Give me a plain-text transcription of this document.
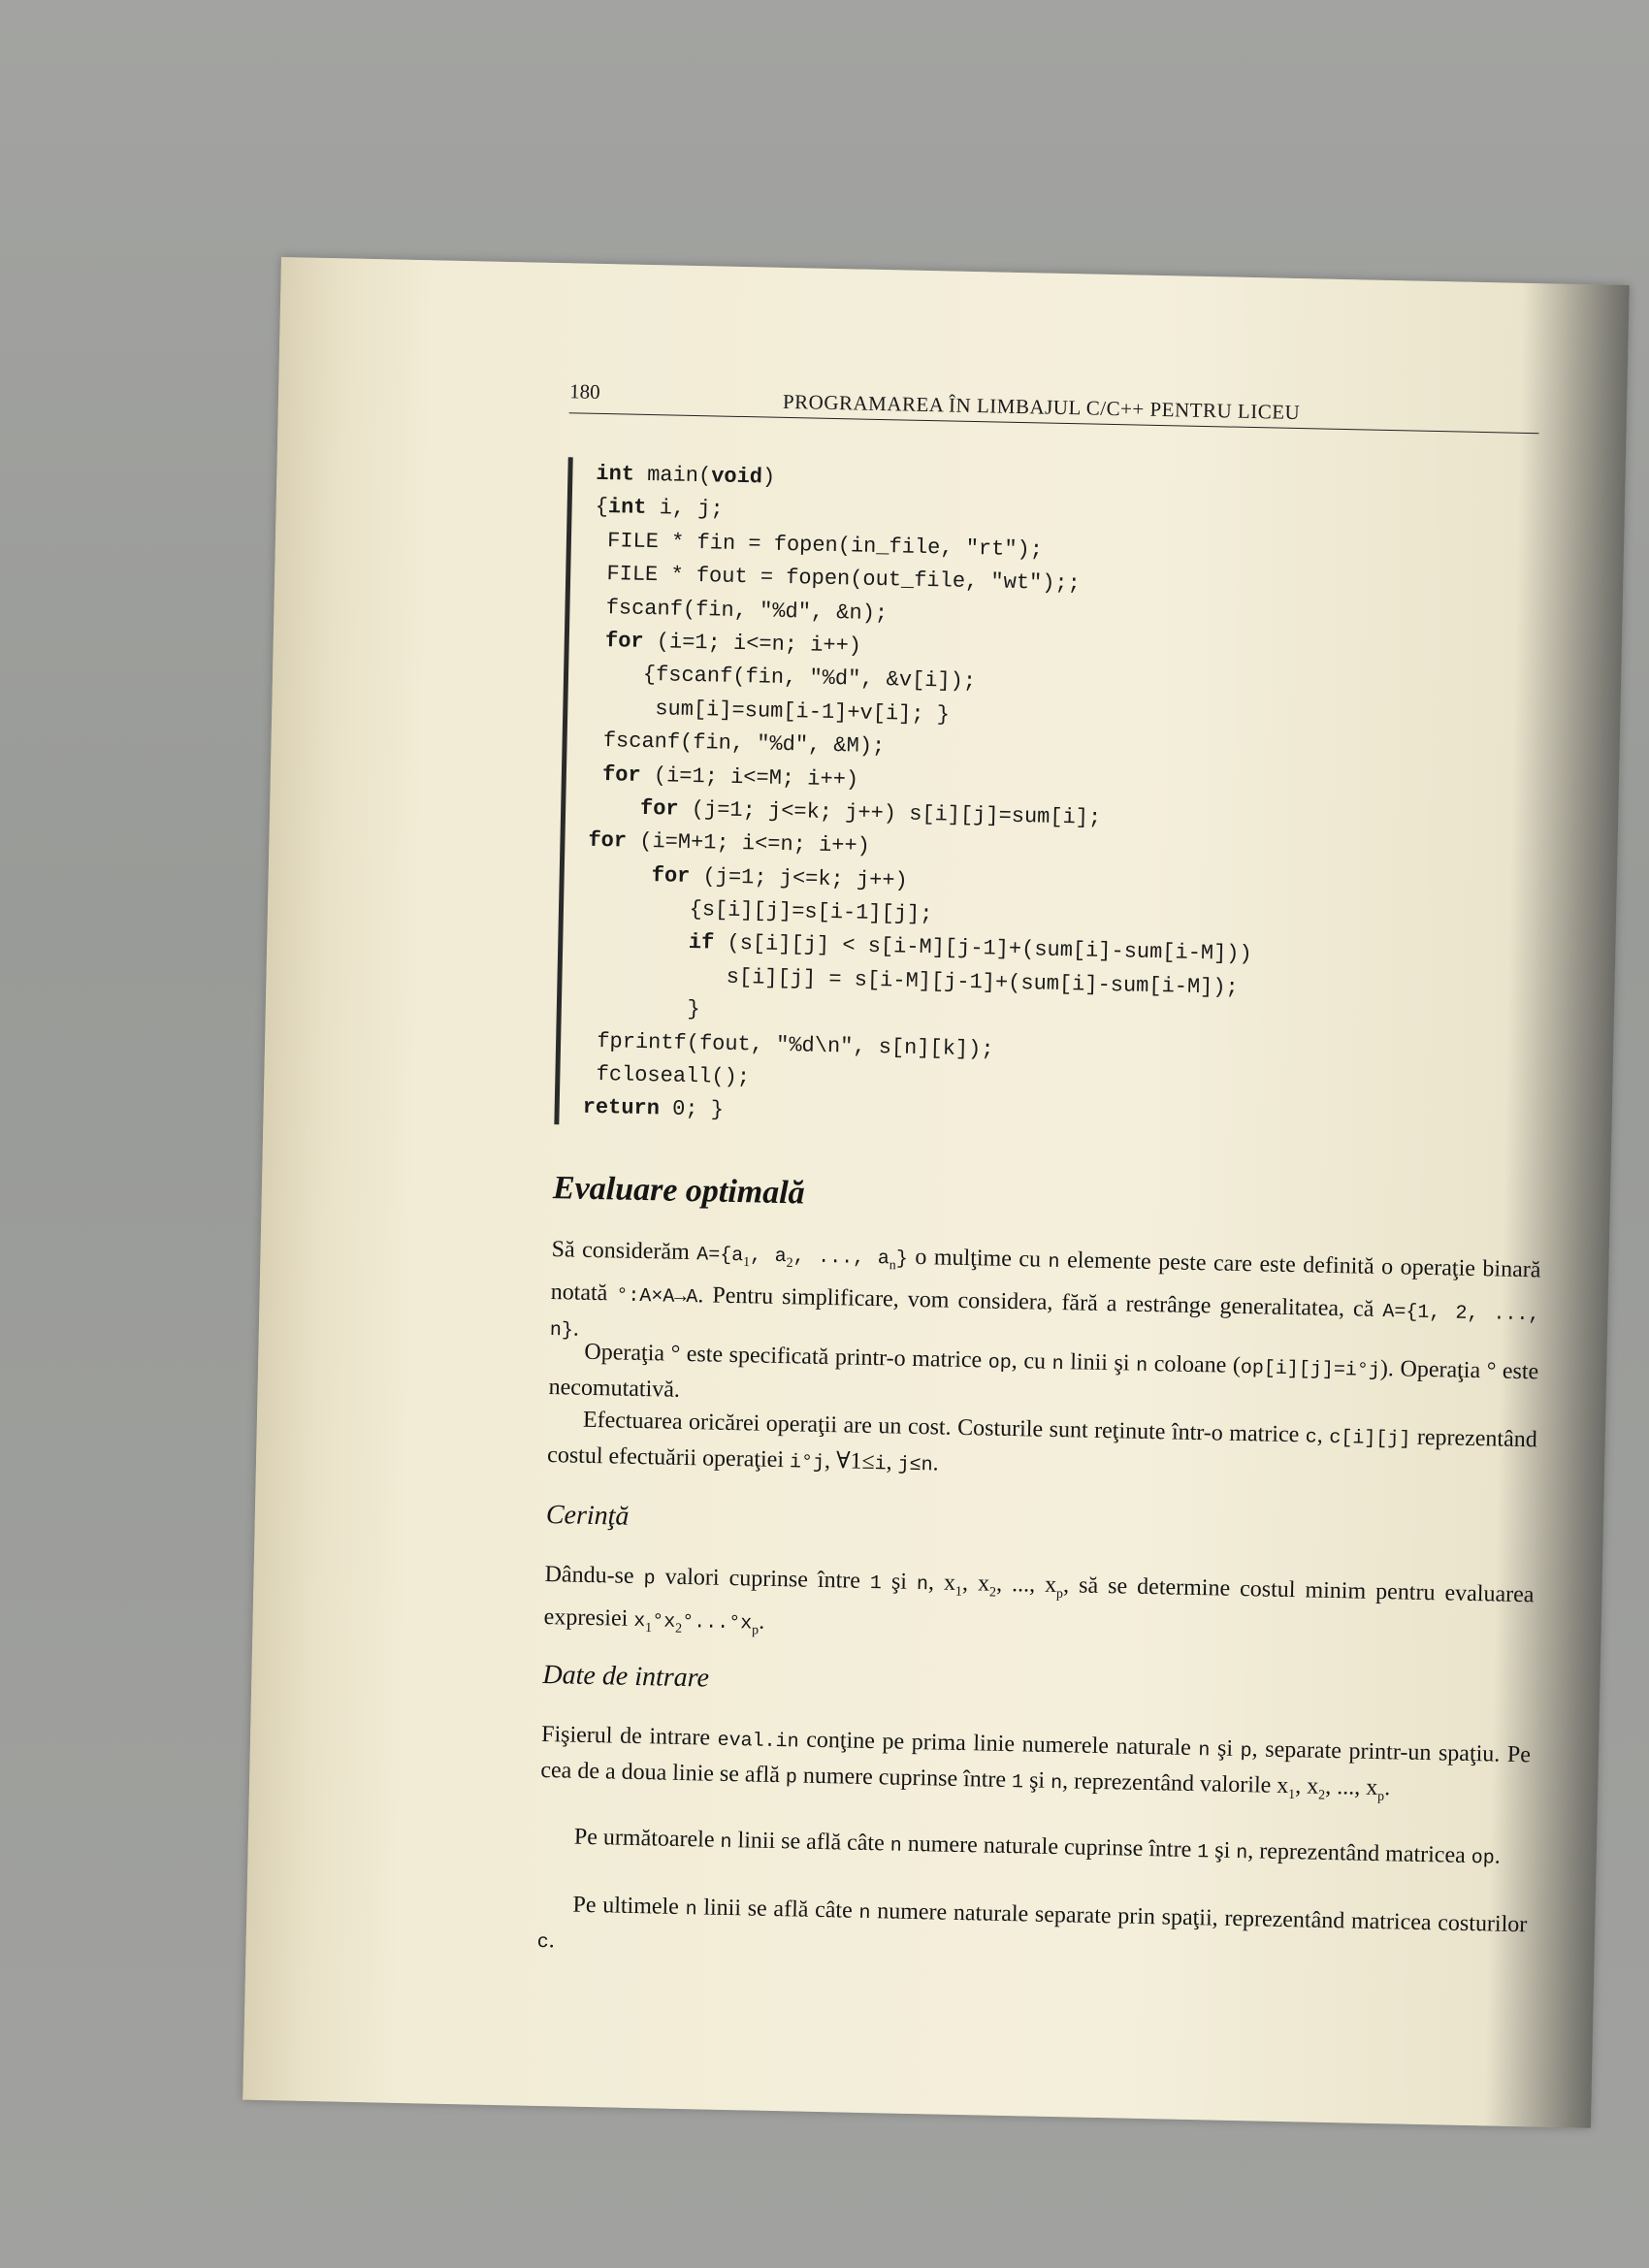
180	PROGRAMAREA ÎN LIMBAJUL C/C++ PENTRU LICEU
int main(void)
{int i, j;
FILE * fin = fopen(in_file, "rt");
FILE * fout = fopen(out_file, "wt");;
fscanf(fin, "%d", &n);
for (i=1; i<=n; i++)
{fscanf(fin, "%d", &v[i]);
sum[i]=sum[i-1]+v[i]; }
fscanf(fin, "%d", &M);
for (i=1; i<=M; i++)
for (j=1; j<=k; j++) s[i][j]=sum[i];
for (i=M+1; i<=n; i++)
for (j=1; j<=k; j++)
{s[i][j]=s[i-1][j];
if (s[i][j] < s[i-M][j-1]+(sum[i]-sum[i-M]))
s[i][j] = s[i-M][j-1]+(sum[i]-sum[i-M]);
}
fprintf(fout, "%d\n", s[n][k]);
fcloseall();
return 0; }
Evaluare optimală
Să considerăm $A=\{a_1$, $a_2$, ..., $a_n$} o mulţime cu n elemente peste care este definită o operaţie binară notată °:A×A→A. Pentru simplificare, vom considera, fără a restrânge generalitatea, că A={1, 2, ..., n}.
Operaţia ° este specificată printr-o matrice op, cu n linii şi n coloane (op[i][j]=i°j). Operaţia ° este necomutativă.
Efectuarea oricărei operaţii are un cost. Costurile sunt reţinute într-o matrice c, c[i][j] reprezentând costul efectuării operaţiei i°j, ∀1≤i, j≤n.
Cerinţă
Dându-se p valori cuprinse între 1 şi n, $x_1$, $x_2$, ..., $x_p$, să se determine costul minim pentru evaluarea expresiei $x_1^\circ x_2^\circ...^\circ x_p$.
Date de intrare
Fişierul de intrare eval.in conţine pe prima linie numerele naturale n şi p, separate printr-un spaţiu. Pe cea de a doua linie se află p numere cuprinse între 1 şi n, reprezentând valorile $x_1$, $x_2$, ..., $x_p$.
Pe următoarele n linii se află câte n numere naturale cuprinse între 1 şi n, reprezentând matricea op.
Pe ultimele n linii se află câte n numere naturale separate prin spaţii, reprezentând matricea costurilor c.
